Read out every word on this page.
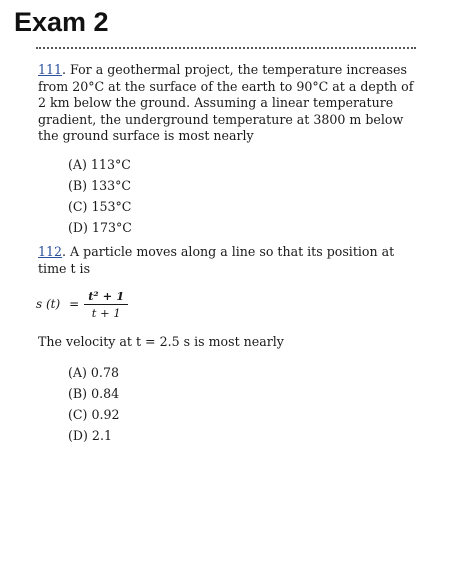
Exam 2

111. For a geothermal project, the temperature increases from 20°C at the surface of the earth to 90°C at a depth of 2 km below the ground. Assuming a linear temperature gradient, the underground temperature at 3800 m below the ground surface is most nearly

(A) 113°C
(B) 133°C
(C) 153°C
(D) 173°C

112. A particle moves along a line so that its position at time t is

s $(t) = \frac{\text{t² + 1}}{t + 1}$

The velocity at t = 2.5 s is most nearly

(A) 0.78
(B) 0.84
(C) 0.92
(D) 2.1
